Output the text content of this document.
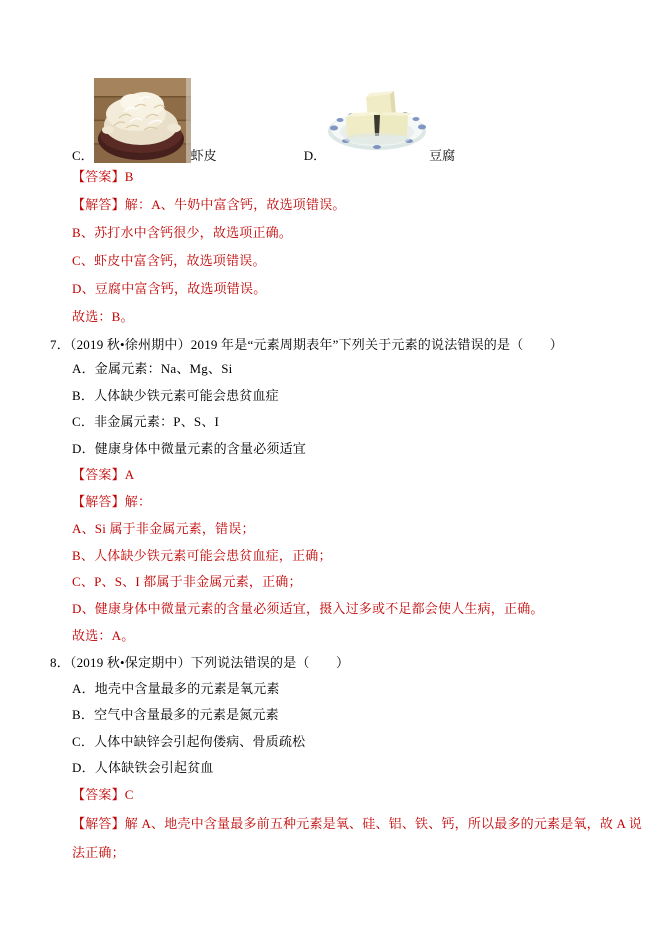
C．	虾皮	D．	豆腐
【答案】B
【解答】解：A、牛奶中富含钙，故选项错误。
B、苏打水中含钙很少，故选项正确。
C、虾皮中富含钙，故选项错误。
D、豆腐中富含钙，故选项错误。
故选：B。
7．（2019 秋•徐州期中）2019 年是“元素周期表年”下列关于元素的说法错误的是（　　）
A．金属元素：Na、Mg、Si
B．人体缺少铁元素可能会患贫血症
C．非金属元素：P、S、I
D．健康身体中微量元素的含量必须适宜
【答案】A
【解答】解：
A、Si 属于非金属元素，错误；
B、人体缺少铁元素可能会患贫血症，正确；
C、P、S、I 都属于非金属元素，正确；
D、健康身体中微量元素的含量必须适宜，摄入过多或不足都会使人生病，正确。
故选：A。
8．（2019 秋•保定期中）下列说法错误的是（　　）
A．地壳中含量最多的元素是氧元素
B．空气中含量最多的元素是氮元素
C．人体中缺锌会引起佝偻病、骨质疏松
D．人体缺铁会引起贫血
【答案】C
【解答】解 A、地壳中含量最多前五种元素是氧、硅、铝、铁、钙，所以最多的元素是氧，故 A 说法正确；
